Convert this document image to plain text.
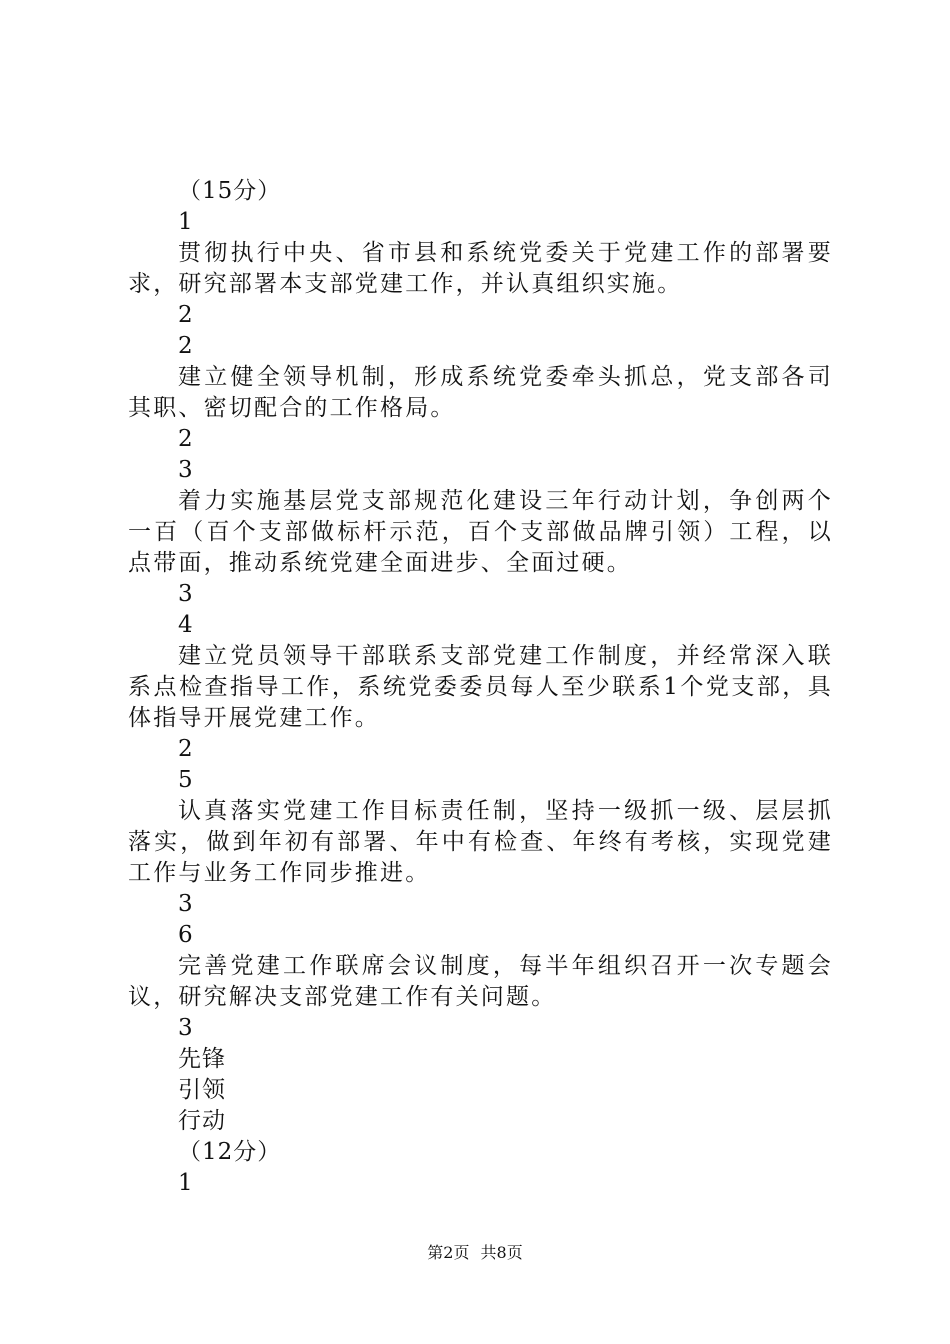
（15分）
1
贯彻执行中央、省市县和系统党委关于党建工作的部署要求，研究部署本支部党建工作，并认真组织实施。
2
2
建立健全领导机制，形成系统党委牵头抓总，党支部各司其职、密切配合的工作格局。
2
3
着力实施基层党支部规范化建设三年行动计划，争创两个一百（百个支部做标杆示范，百个支部做品牌引领）工程，以点带面，推动系统党建全面进步、全面过硬。
3
4
建立党员领导干部联系支部党建工作制度，并经常深入联系点检查指导工作，系统党委委员每人至少联系1个党支部，具体指导开展党建工作。
2
5
认真落实党建工作目标责任制，坚持一级抓一级、层层抓落实，做到年初有部署、年中有检查、年终有考核，实现党建工作与业务工作同步推进。
3
6
完善党建工作联席会议制度，每半年组织召开一次专题会议，研究解决支部党建工作有关问题。
3
先锋
引领
行动
（12分）
1
第2页 共8页
